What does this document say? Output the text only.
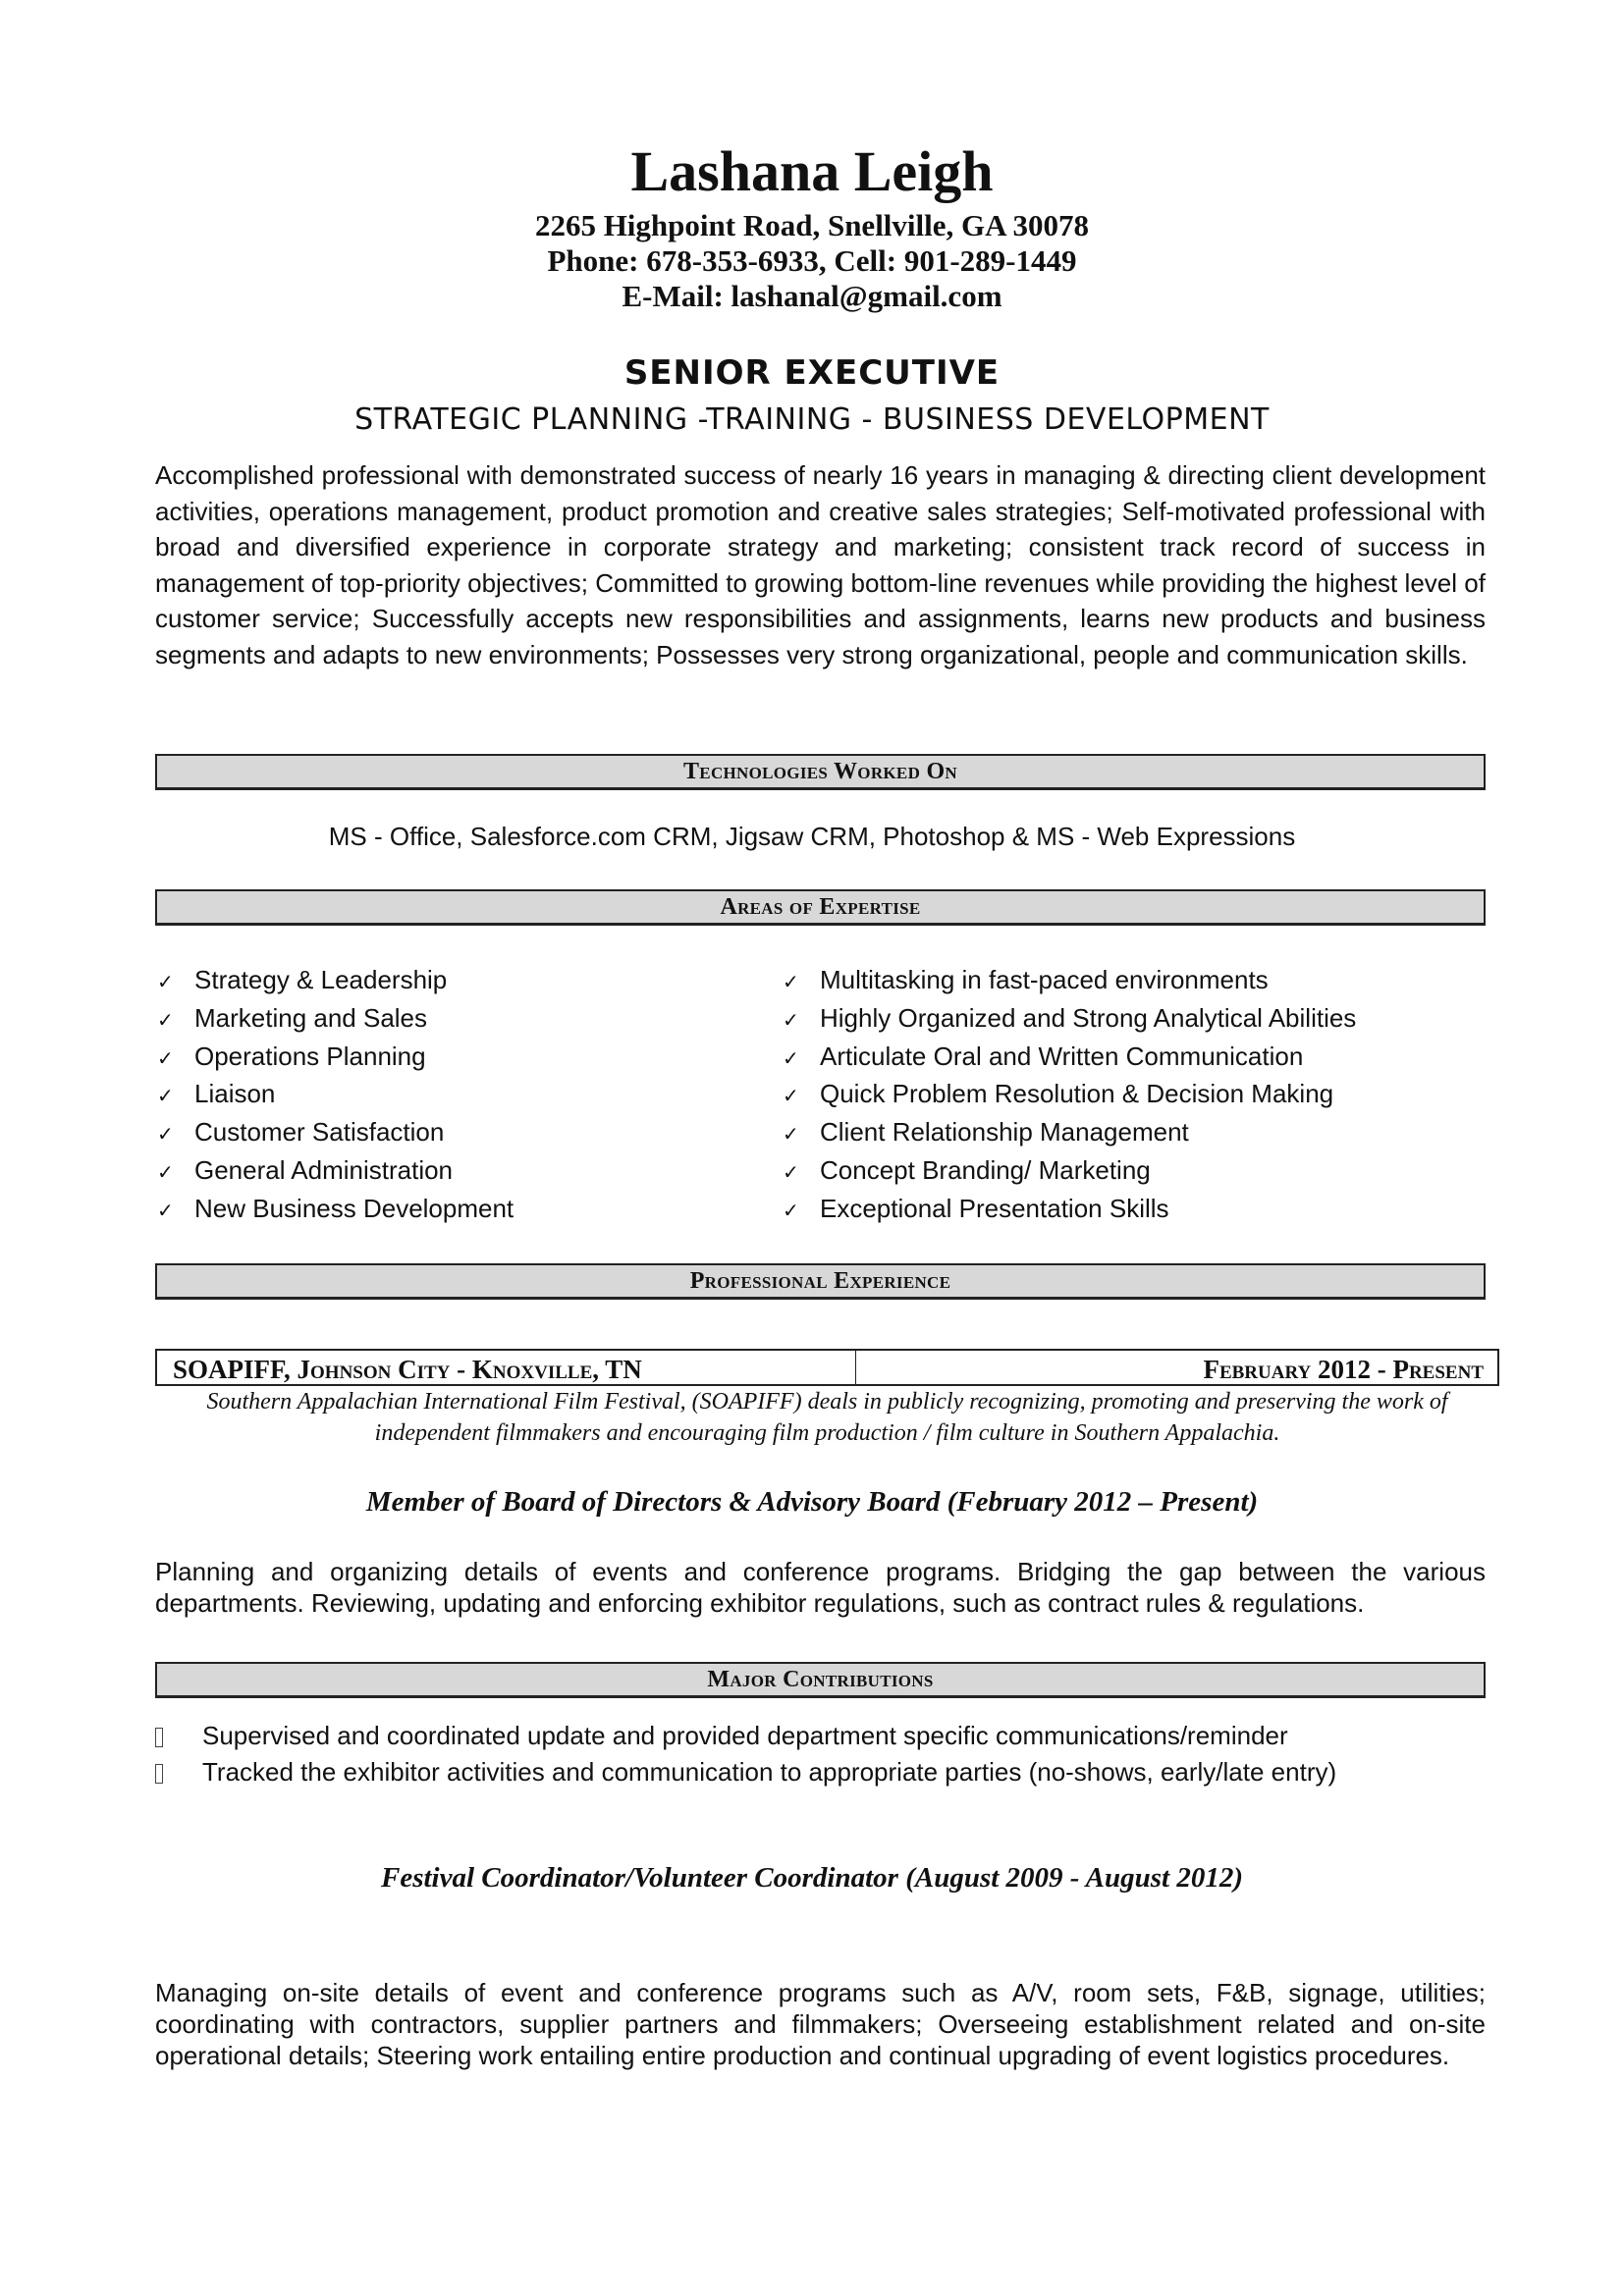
Lashana Leigh
2265 Highpoint Road, Snellville, GA 30078
Phone: 678-353-6933, Cell: 901-289-1449
E-Mail: lashanal@gmail.com
SENIOR EXECUTIVE
STRATEGIC PLANNING -TRAINING - BUSINESS DEVELOPMENT
Accomplished professional with demonstrated success of nearly 16 years in managing & directing client development activities, operations management, product promotion and creative sales strategies; Self-motivated professional with broad and diversified experience in corporate strategy and marketing; consistent track record of success in management of top-priority objectives; Committed to growing bottom-line revenues while providing the highest level of customer service; Successfully accepts new responsibilities and assignments, learns new products and business segments and adapts to new environments; Possesses very strong organizational, people and communication skills.
Technologies Worked On
MS - Office, Salesforce.com CRM, Jigsaw CRM, Photoshop & MS - Web Expressions
Areas of Expertise
✓ Strategy & Leadership
✓ Marketing and Sales
✓ Operations Planning
✓ Liaison
✓ Customer Satisfaction
✓ General Administration
✓ New Business Development
✓ Multitasking in fast-paced environments
✓ Highly Organized and Strong Analytical Abilities
✓ Articulate Oral and Written Communication
✓ Quick Problem Resolution & Decision Making
✓ Client Relationship Management
✓ Concept Branding/ Marketing
✓ Exceptional Presentation Skills
Professional Experience
SOAPIFF, Johnson City - Knoxville, TN	February 2012 - Present
Southern Appalachian International Film Festival, (SOAPIFF) deals in publicly recognizing, promoting and preserving the work of independent filmmakers and encouraging film production / film culture in Southern Appalachia.
Member of Board of Directors & Advisory Board (February 2012 – Present)
Planning and organizing details of events and conference programs. Bridging the gap between the various departments. Reviewing, updating and enforcing exhibitor regulations, such as contract rules & regulations.
Major Contributions
Supervised and coordinated update and provided department specific communications/reminder
Tracked the exhibitor activities and communication to appropriate parties (no-shows, early/late entry)
Festival Coordinator/Volunteer Coordinator (August 2009 - August 2012)
Managing on-site details of event and conference programs such as A/V, room sets, F&B, signage, utilities; coordinating with contractors, supplier partners and filmmakers; Overseeing establishment related and on-site operational details; Steering work entailing entire production and continual upgrading of event logistics procedures.
